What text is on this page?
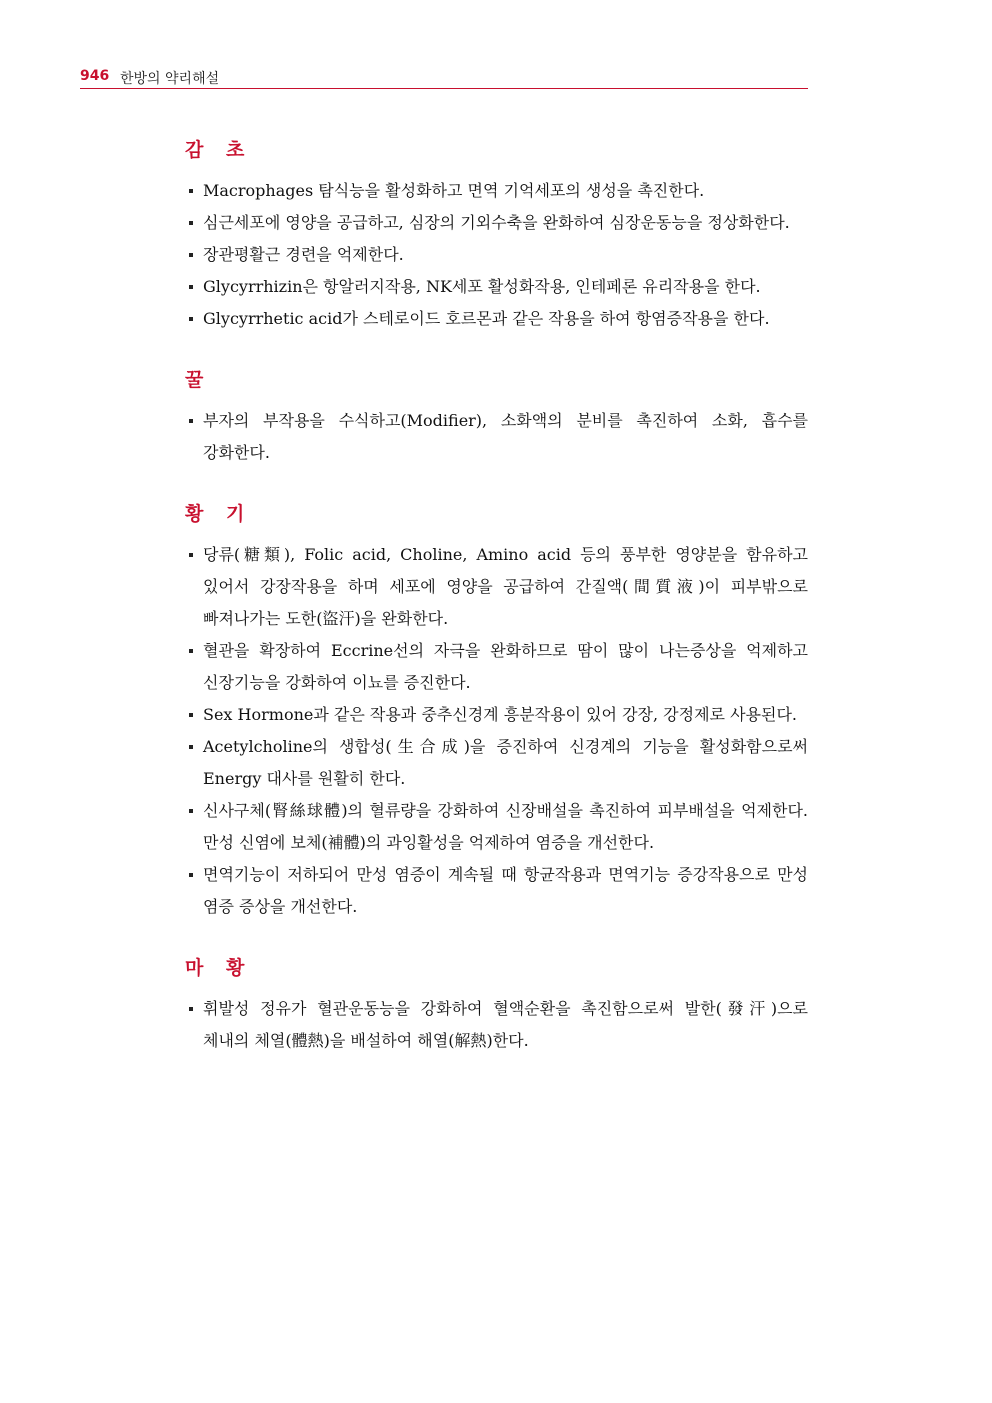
946 한방의 약리해설
감 초
Macrophages 탐식능을 활성화하고 면역 기억세포의 생성을 촉진한다.
심근세포에 영양을 공급하고, 심장의 기외수축을 완화하여 심장운동능을 정상화한다.
장관평활근 경련을 억제한다.
Glycyrrhizin은 항알러지작용, NK세포 활성화작용, 인테페론 유리작용을 한다.
Glycyrrhetic acid가 스테로이드 호르몬과 같은 작용을 하여 항염증작용을 한다.
꿀
부자의 부작용을 수식하고(Modifier), 소화액의 분비를 촉진하여 소화, 흡수를 강화한다.
황 기
당류(糖類), Folic acid, Choline, Amino acid 등의 풍부한 영양분을 함유하고 있어서 강장작용을 하며 세포에 영양을 공급하여 간질액(間質液)이 피부밖으로 빠져나가는 도한(盜汗)을 완화한다.
혈관을 확장하여 Eccrine선의 자극을 완화하므로 땀이 많이 나는증상을 억제하고 신장기능을 강화하여 이뇨를 증진한다.
Sex Hormone과 같은 작용과 중추신경계 흥분작용이 있어 강장, 강정제로 사용된다.
Acetylcholine의 생합성(生合成)을 증진하여 신경계의 기능을 활성화함으로써 Energy 대사를 원활히 한다.
신사구체(腎絲球體)의 혈류량을 강화하여 신장배설을 촉진하여 피부배설을 억제한다. 만성 신염에 보체(補體)의 과잉활성을 억제하여 염증을 개선한다.
면역기능이 저하되어 만성 염증이 계속될 때 항균작용과 면역기능 증강작용으로 만성 염증 증상을 개선한다.
마 황
휘발성 정유가 혈관운동능을 강화하여 혈액순환을 촉진함으로써 발한(發汗)으로 체내의 체열(體熱)을 배설하여 해열(解熱)한다.
